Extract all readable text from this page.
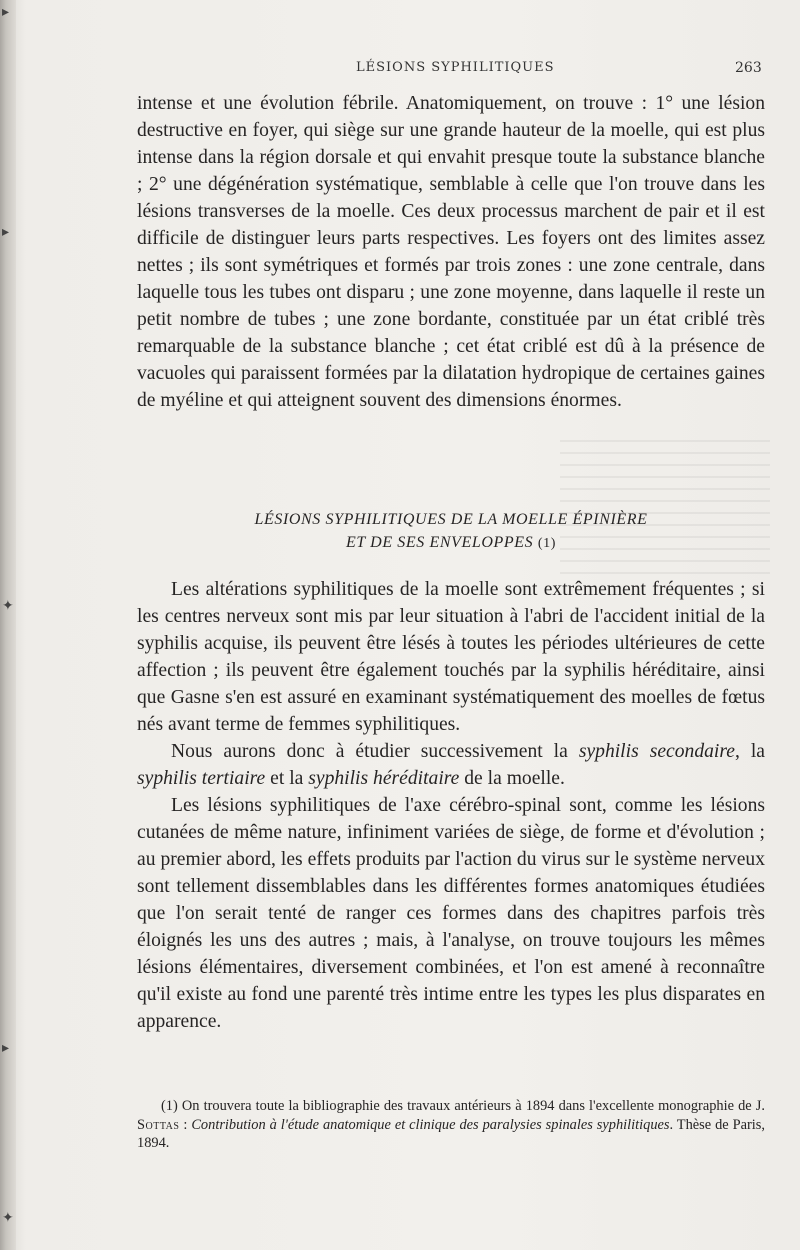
▸
▸
✦
▸
✦
LÉSIONS SYPHILITIQUES	263

intense et une évolution fébrile. Anatomiquement, on trouve : 1° une lésion destructive en foyer, qui siège sur une grande hauteur de la moelle, qui est plus intense dans la région dorsale et qui envahit presque toute la substance blanche ; 2° une dégénération systématique, semblable à celle que l'on trouve dans les lésions transverses de la moelle. Ces deux processus marchent de pair et il est difficile de distinguer leurs parts respectives. Les foyers ont des limites assez nettes ; ils sont symétriques et formés par trois zones : une zone centrale, dans laquelle tous les tubes ont disparu ; une zone moyenne, dans laquelle il reste un petit nombre de tubes ; une zone bordante, constituée par un état criblé très remarquable de la substance blanche ; cet état criblé est dû à la présence de vacuoles qui paraissent formées par la dilatation hydropique de certaines gaines de myéline et qui atteignent souvent des dimensions énormes.

LÉSIONS SYPHILITIQUES DE LA MOELLE ÉPINIÈRE
ET DE SES ENVELOPPES (1)

Les altérations syphilitiques de la moelle sont extrêmement fréquentes ; si les centres nerveux sont mis par leur situation à l'abri de l'accident initial de la syphilis acquise, ils peuvent être lésés à toutes les périodes ultérieures de cette affection ; ils peuvent être également touchés par la syphilis héréditaire, ainsi que Gasne s'en est assuré en examinant systématiquement des moelles de fœtus nés avant terme de femmes syphilitiques.

Nous aurons donc à étudier successivement la syphilis secondaire, la syphilis tertiaire et la syphilis héréditaire de la moelle.

Les lésions syphilitiques de l'axe cérébro-spinal sont, comme les lésions cutanées de même nature, infiniment variées de siège, de forme et d'évolution ; au premier abord, les effets produits par l'action du virus sur le système nerveux sont tellement dissemblables dans les différentes formes anatomiques étudiées que l'on serait tenté de ranger ces formes dans des chapitres parfois très éloignés les uns des autres ; mais, à l'analyse, on trouve toujours les mêmes lésions élémentaires, diversement combinées, et l'on est amené à reconnaître qu'il existe au fond une parenté très intime entre les types les plus disparates en apparence.

(1) On trouvera toute la bibliographie des travaux antérieurs à 1894 dans l'excellente monographie de J. Sottas : Contribution à l'étude anatomique et clinique des paralysies spinales syphilitiques. Thèse de Paris, 1894.
